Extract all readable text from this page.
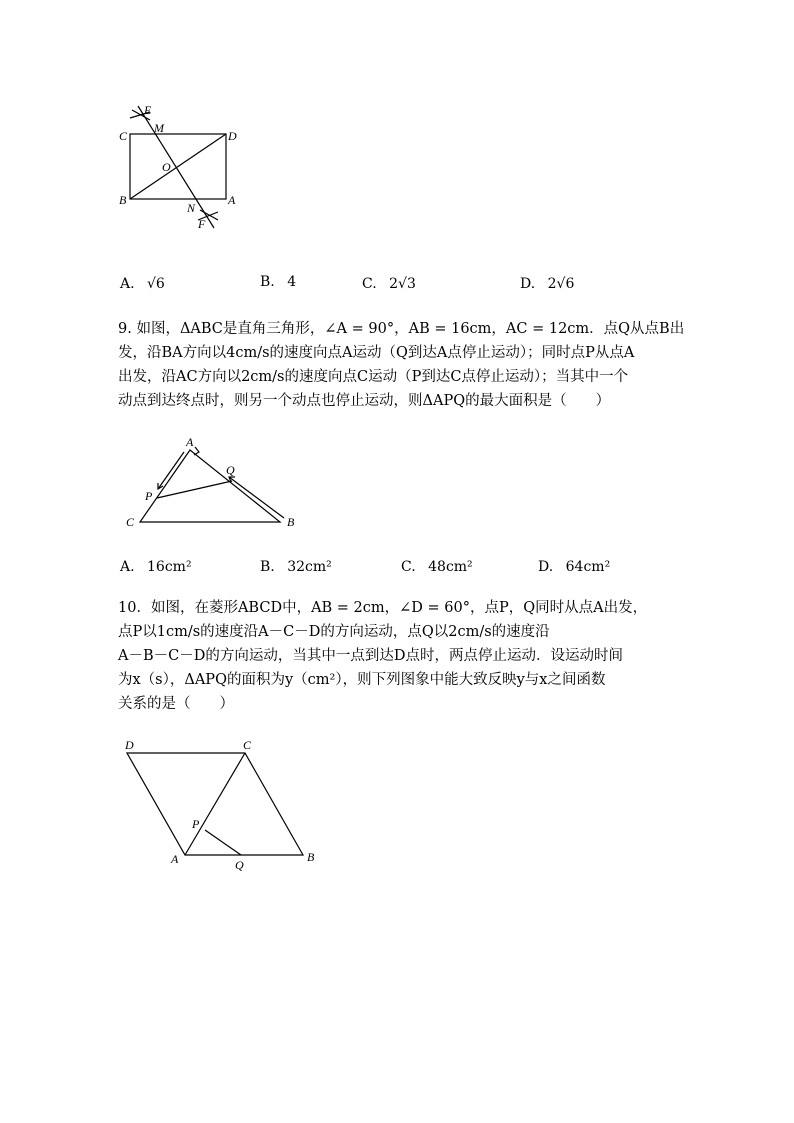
E
C
M
D
O
B
N
A
F
A. √6	B. 4	C. 2√3	D. 2√6
9. 如图，ΔABC是直角三角形，∠A = 90°，AB = 16cm，AC = 12cm．点Q从点B出
发，沿BA方向以4cm/s的速度向点A运动（Q到达A点停止运动）；同时点P从点A
出发，沿AC方向以2cm/s的速度向点C运动（P到达C点停止运动）；当其中一个
动点到达终点时，则另一个动点也停止运动，则ΔAPQ的最大面积是（　　）
A
Q
P
C	B
A. 16cm²	B. 32cm²	C. 48cm²	D. 64cm²
10．如图，在菱形ABCD中，AB = 2cm，∠D = 60°，点P，Q同时从点A出发，
点P以1cm/s的速度沿A－C－D的方向运动，点Q以2cm/s的速度沿
A－B－C－D的方向运动，当其中一点到达D点时，两点停止运动．设运动时间
为x（s），ΔAPQ的面积为y（cm²），则下列图象中能大致反映y与x之间函数
关系的是（　　）
D	C
P
A	Q
B
